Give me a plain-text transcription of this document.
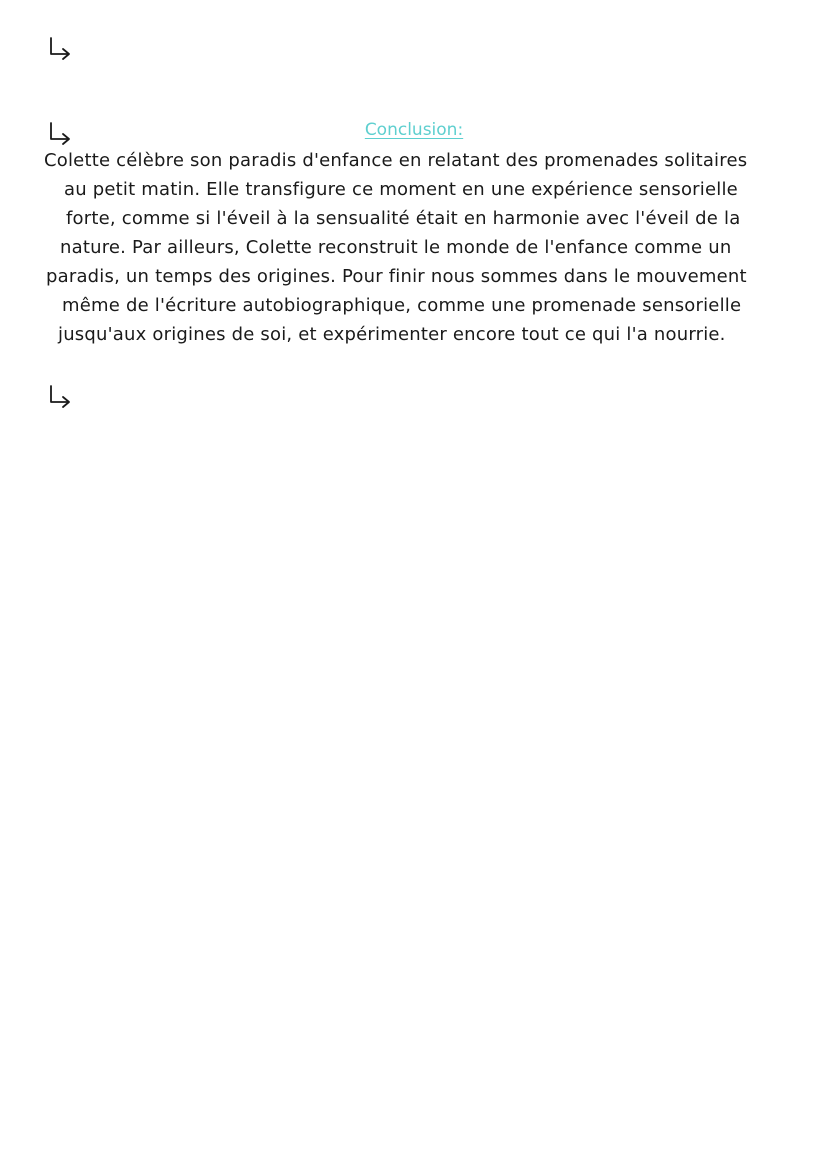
Conclusion:
Colette célèbre son paradis d'enfance en relatant des promenades solitaires
au petit matin. Elle transfigure ce moment en une expérience sensorielle
forte, comme si l'éveil à la sensualité était en harmonie avec l'éveil de la
nature. Par ailleurs, Colette reconstruit le monde de l'enfance comme un
paradis, un temps des origines. Pour finir nous sommes dans le mouvement
même de l'écriture autobiographique, comme une promenade sensorielle
jusqu'aux origines de soi, et expérimenter encore tout ce qui l'a nourrie.
